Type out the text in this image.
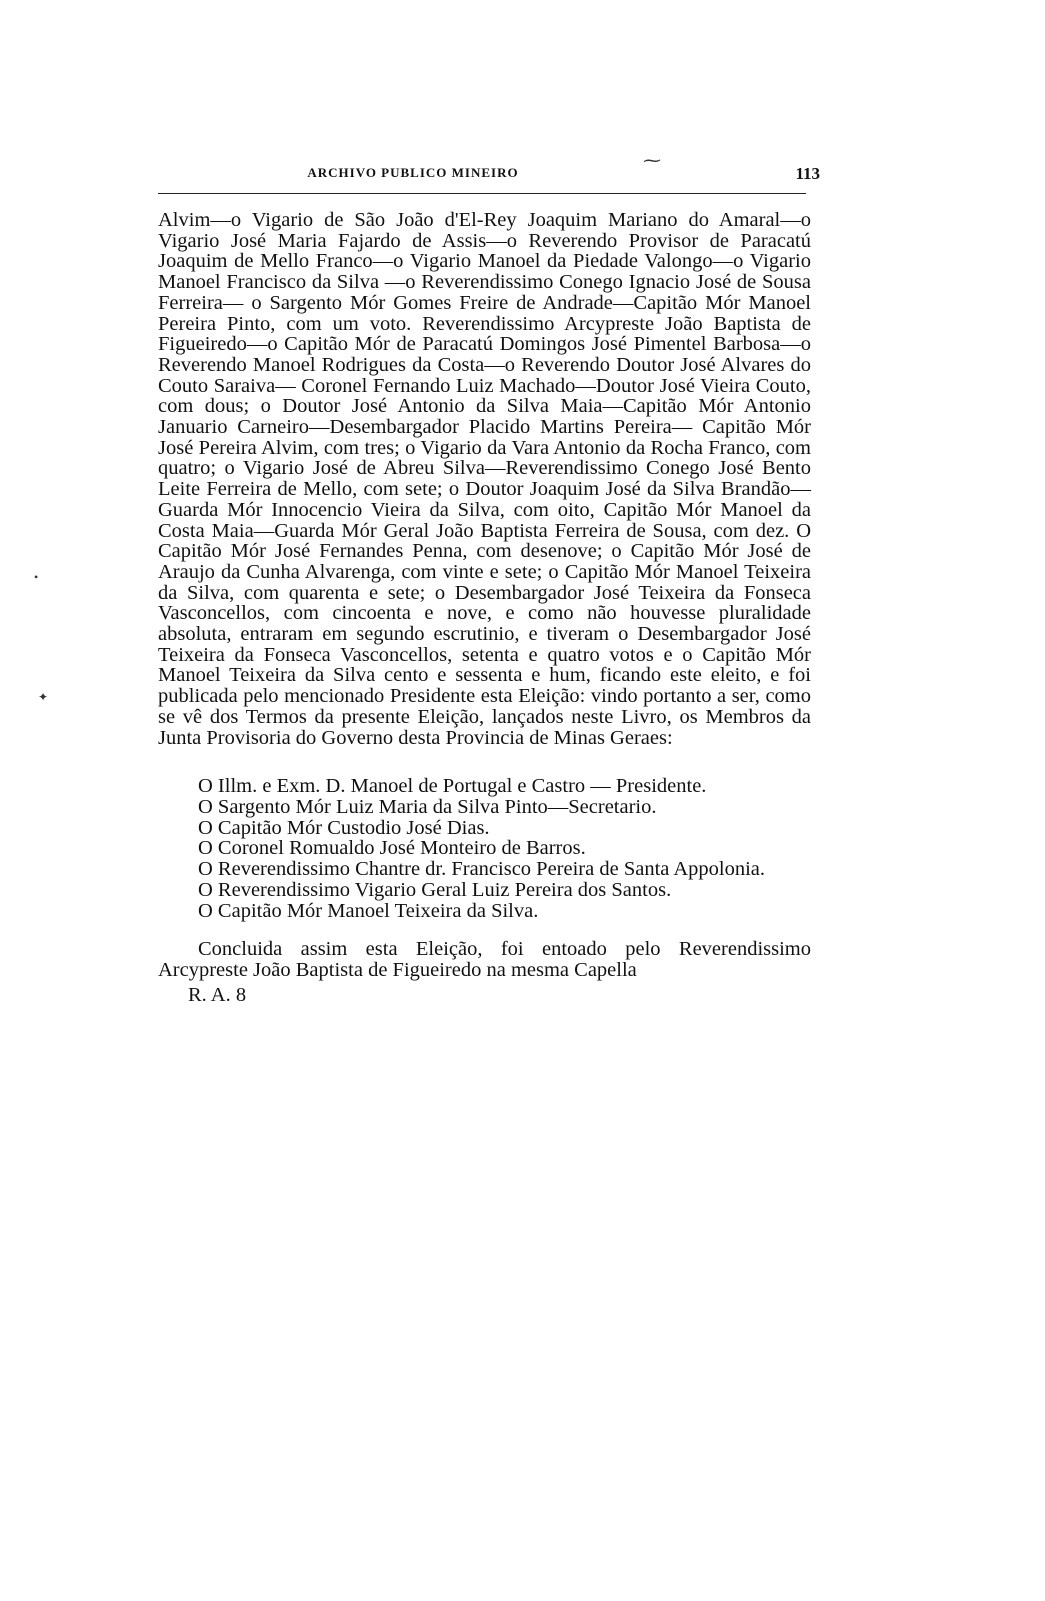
ARCHIVO PUBLICO MINEIRO
⁓
113
•
✦

Alvim—o Vigario de São João d'El-Rey Joaquim Mariano do Amaral—o Vigario José Maria Fajardo de Assis—o Reverendo Provisor de Paracatú Joaquim de Mello Franco—o Vigario Manoel da Piedade Valongo—o Vigario Manoel Francisco da Silva —o Reverendissimo Conego Ignacio José de Sousa Ferreira— o Sargento Mór Gomes Freire de Andrade—Capitão Mór Manoel Pereira Pinto, com um voto. Reverendissimo Arcypreste João Baptista de Figueiredo—o Capitão Mór de Paracatú Domingos José Pimentel Barbosa—o Reverendo Manoel Rodrigues da Costa—o Reverendo Doutor José Alvares do Couto Saraiva— Coronel Fernando Luiz Machado—Doutor José Vieira Couto, com dous; o Doutor José Antonio da Silva Maia—Capitão Mór Antonio Januario Carneiro—Desembargador Placido Martins Pereira— Capitão Mór José Pereira Alvim, com tres; o Vigario da Vara Antonio da Rocha Franco, com quatro; o Vigario José de Abreu Silva—Reverendissimo Conego José Bento Leite Ferreira de Mello, com sete; o Doutor Joaquim José da Silva Brandão—Guarda Mór Innocencio Vieira da Silva, com oito, Capitão Mór Manoel da Costa Maia—Guarda Mór Geral João Baptista Ferreira de Sousa, com dez. O Capitão Mór José Fernandes Penna, com desenove; o Capitão Mór José de Araujo da Cunha Alvarenga, com vinte e sete; o Capitão Mór Manoel Teixeira da Silva, com quarenta e sete; o Desembargador José Teixeira da Fonseca Vasconcellos, com cincoenta e nove, e como não houvesse pluralidade absoluta, entraram em segundo escrutinio, e tiveram o Desembargador José Teixeira da Fonseca Vasconcellos, setenta e quatro votos e o Capitão Mór Manoel Teixeira da Silva cento e sessenta e hum, ficando este eleito, e foi publicada pelo mencionado Presidente esta Eleição: vindo portanto a ser, como se vê dos Termos da presente Eleição, lançados neste Livro, os Membros da Junta Provisoria do Governo desta Provincia de Minas Geraes:

O Illm. e Exm. D. Manoel de Portugal e Castro — Presidente.

O Sargento Mór Luiz Maria da Silva Pinto—Secretario.

O Capitão Mór Custodio José Dias.

O Coronel Romualdo José Monteiro de Barros.

O Reverendissimo Chantre dr. Francisco Pereira de Santa Appolonia.

O Reverendissimo Vigario Geral Luiz Pereira dos Santos.

O Capitão Mór Manoel Teixeira da Silva.

Concluida assim esta Eleição, foi entoado pelo Reverendissimo Arcypreste João Baptista de Figueiredo na mesma Capella

R. A. 8
